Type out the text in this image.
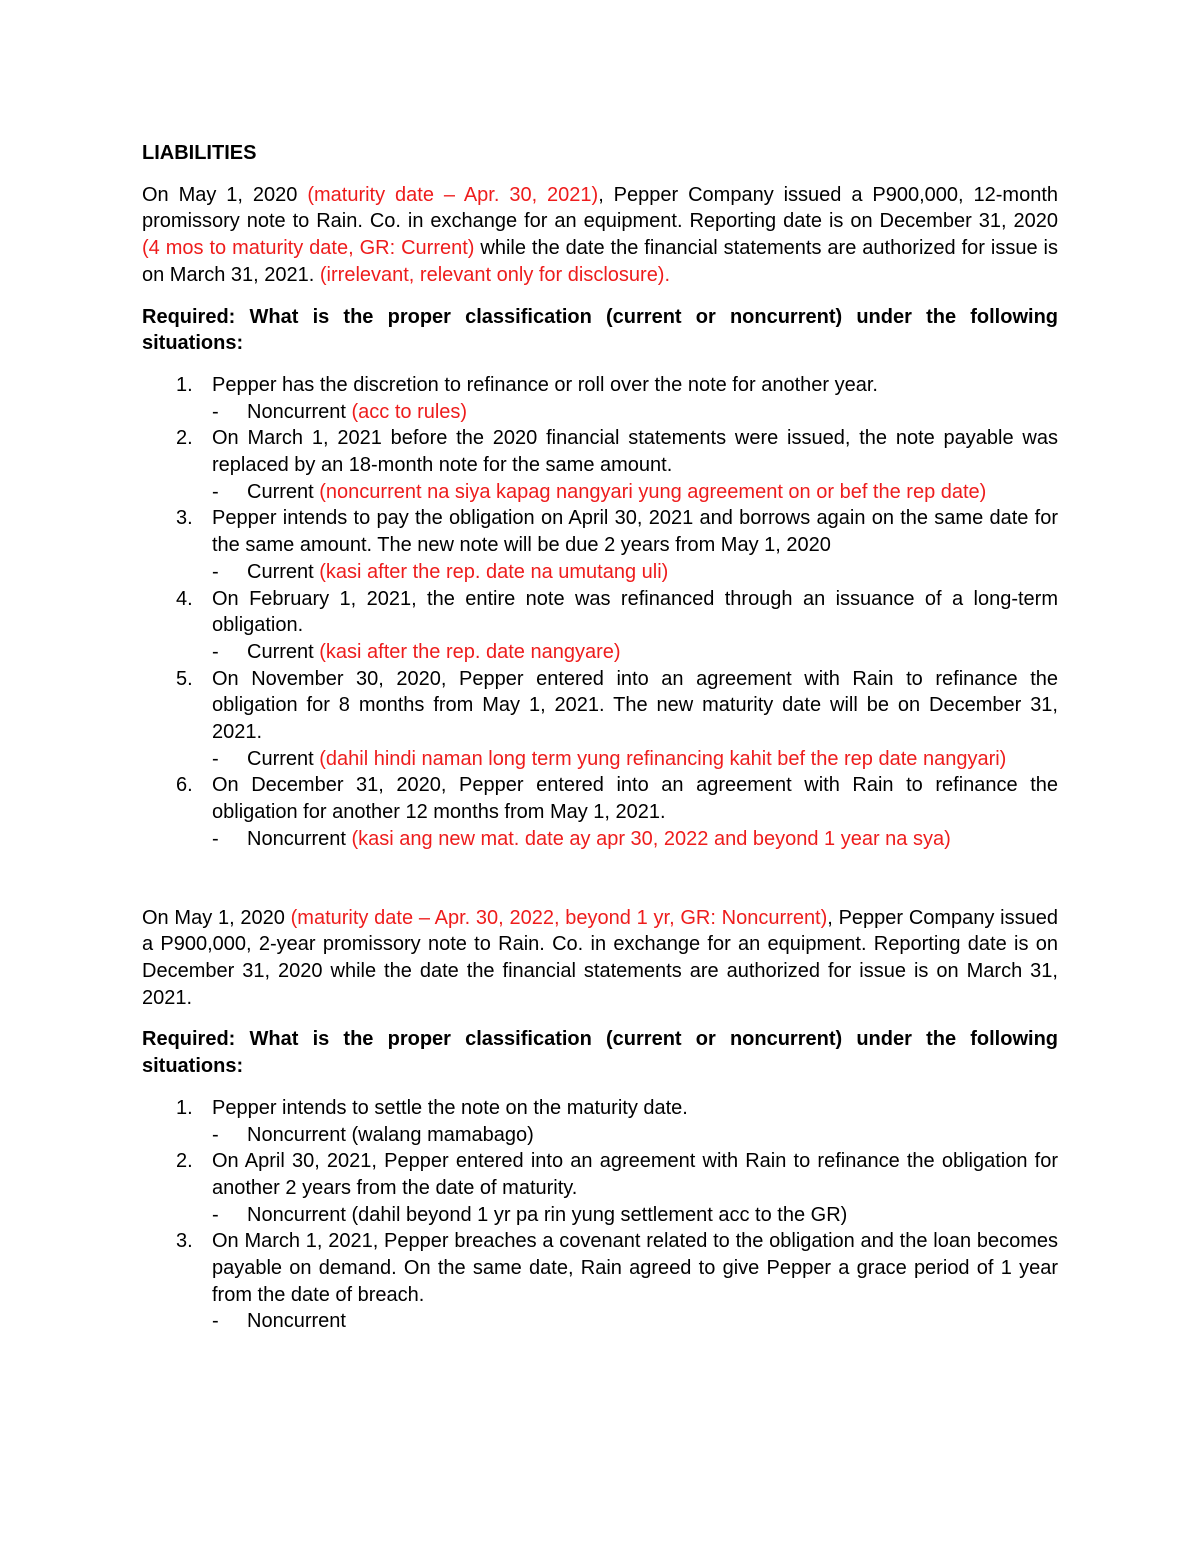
LIABILITIES
On May 1, 2020 (maturity date – Apr. 30, 2021), Pepper Company issued a P900,000, 12-month promissory note to Rain. Co. in exchange for an equipment. Reporting date is on December 31, 2020 (4 mos to maturity date, GR: Current) while the date the financial statements are authorized for issue is on March 31, 2021. (irrelevant, relevant only for disclosure).
Required: What is the proper classification (current or noncurrent) under the following situations:
1. Pepper has the discretion to refinance or roll over the note for another year.
- Noncurrent (acc to rules)
2. On March 1, 2021 before the 2020 financial statements were issued, the note payable was replaced by an 18-month note for the same amount.
- Current (noncurrent na siya kapag nangyari yung agreement on or bef the rep date)
3. Pepper intends to pay the obligation on April 30, 2021 and borrows again on the same date for the same amount. The new note will be due 2 years from May 1, 2020
- Current (kasi after the rep. date na umutang uli)
4. On February 1, 2021, the entire note was refinanced through an issuance of a long-term obligation.
- Current (kasi after the rep. date nangyare)
5. On November 30, 2020, Pepper entered into an agreement with Rain to refinance the obligation for 8 months from May 1, 2021. The new maturity date will be on December 31, 2021.
- Current (dahil hindi naman long term yung refinancing kahit bef the rep date nangyari)
6. On December 31, 2020, Pepper entered into an agreement with Rain to refinance the obligation for another 12 months from May 1, 2021.
- Noncurrent (kasi ang new mat. date ay apr 30, 2022 and beyond 1 year na sya)
On May 1, 2020 (maturity date – Apr. 30, 2022, beyond 1 yr, GR: Noncurrent), Pepper Company issued a P900,000, 2-year promissory note to Rain. Co. in exchange for an equipment. Reporting date is on December 31, 2020 while the date the financial statements are authorized for issue is on March 31, 2021.
Required: What is the proper classification (current or noncurrent) under the following situations:
1. Pepper intends to settle the note on the maturity date.
- Noncurrent (walang mamabago)
2. On April 30, 2021, Pepper entered into an agreement with Rain to refinance the obligation for another 2 years from the date of maturity.
- Noncurrent (dahil beyond 1 yr pa rin yung settlement acc to the GR)
3. On March 1, 2021, Pepper breaches a covenant related to the obligation and the loan becomes payable on demand. On the same date, Rain agreed to give Pepper a grace period of 1 year from the date of breach.
- Noncurrent
